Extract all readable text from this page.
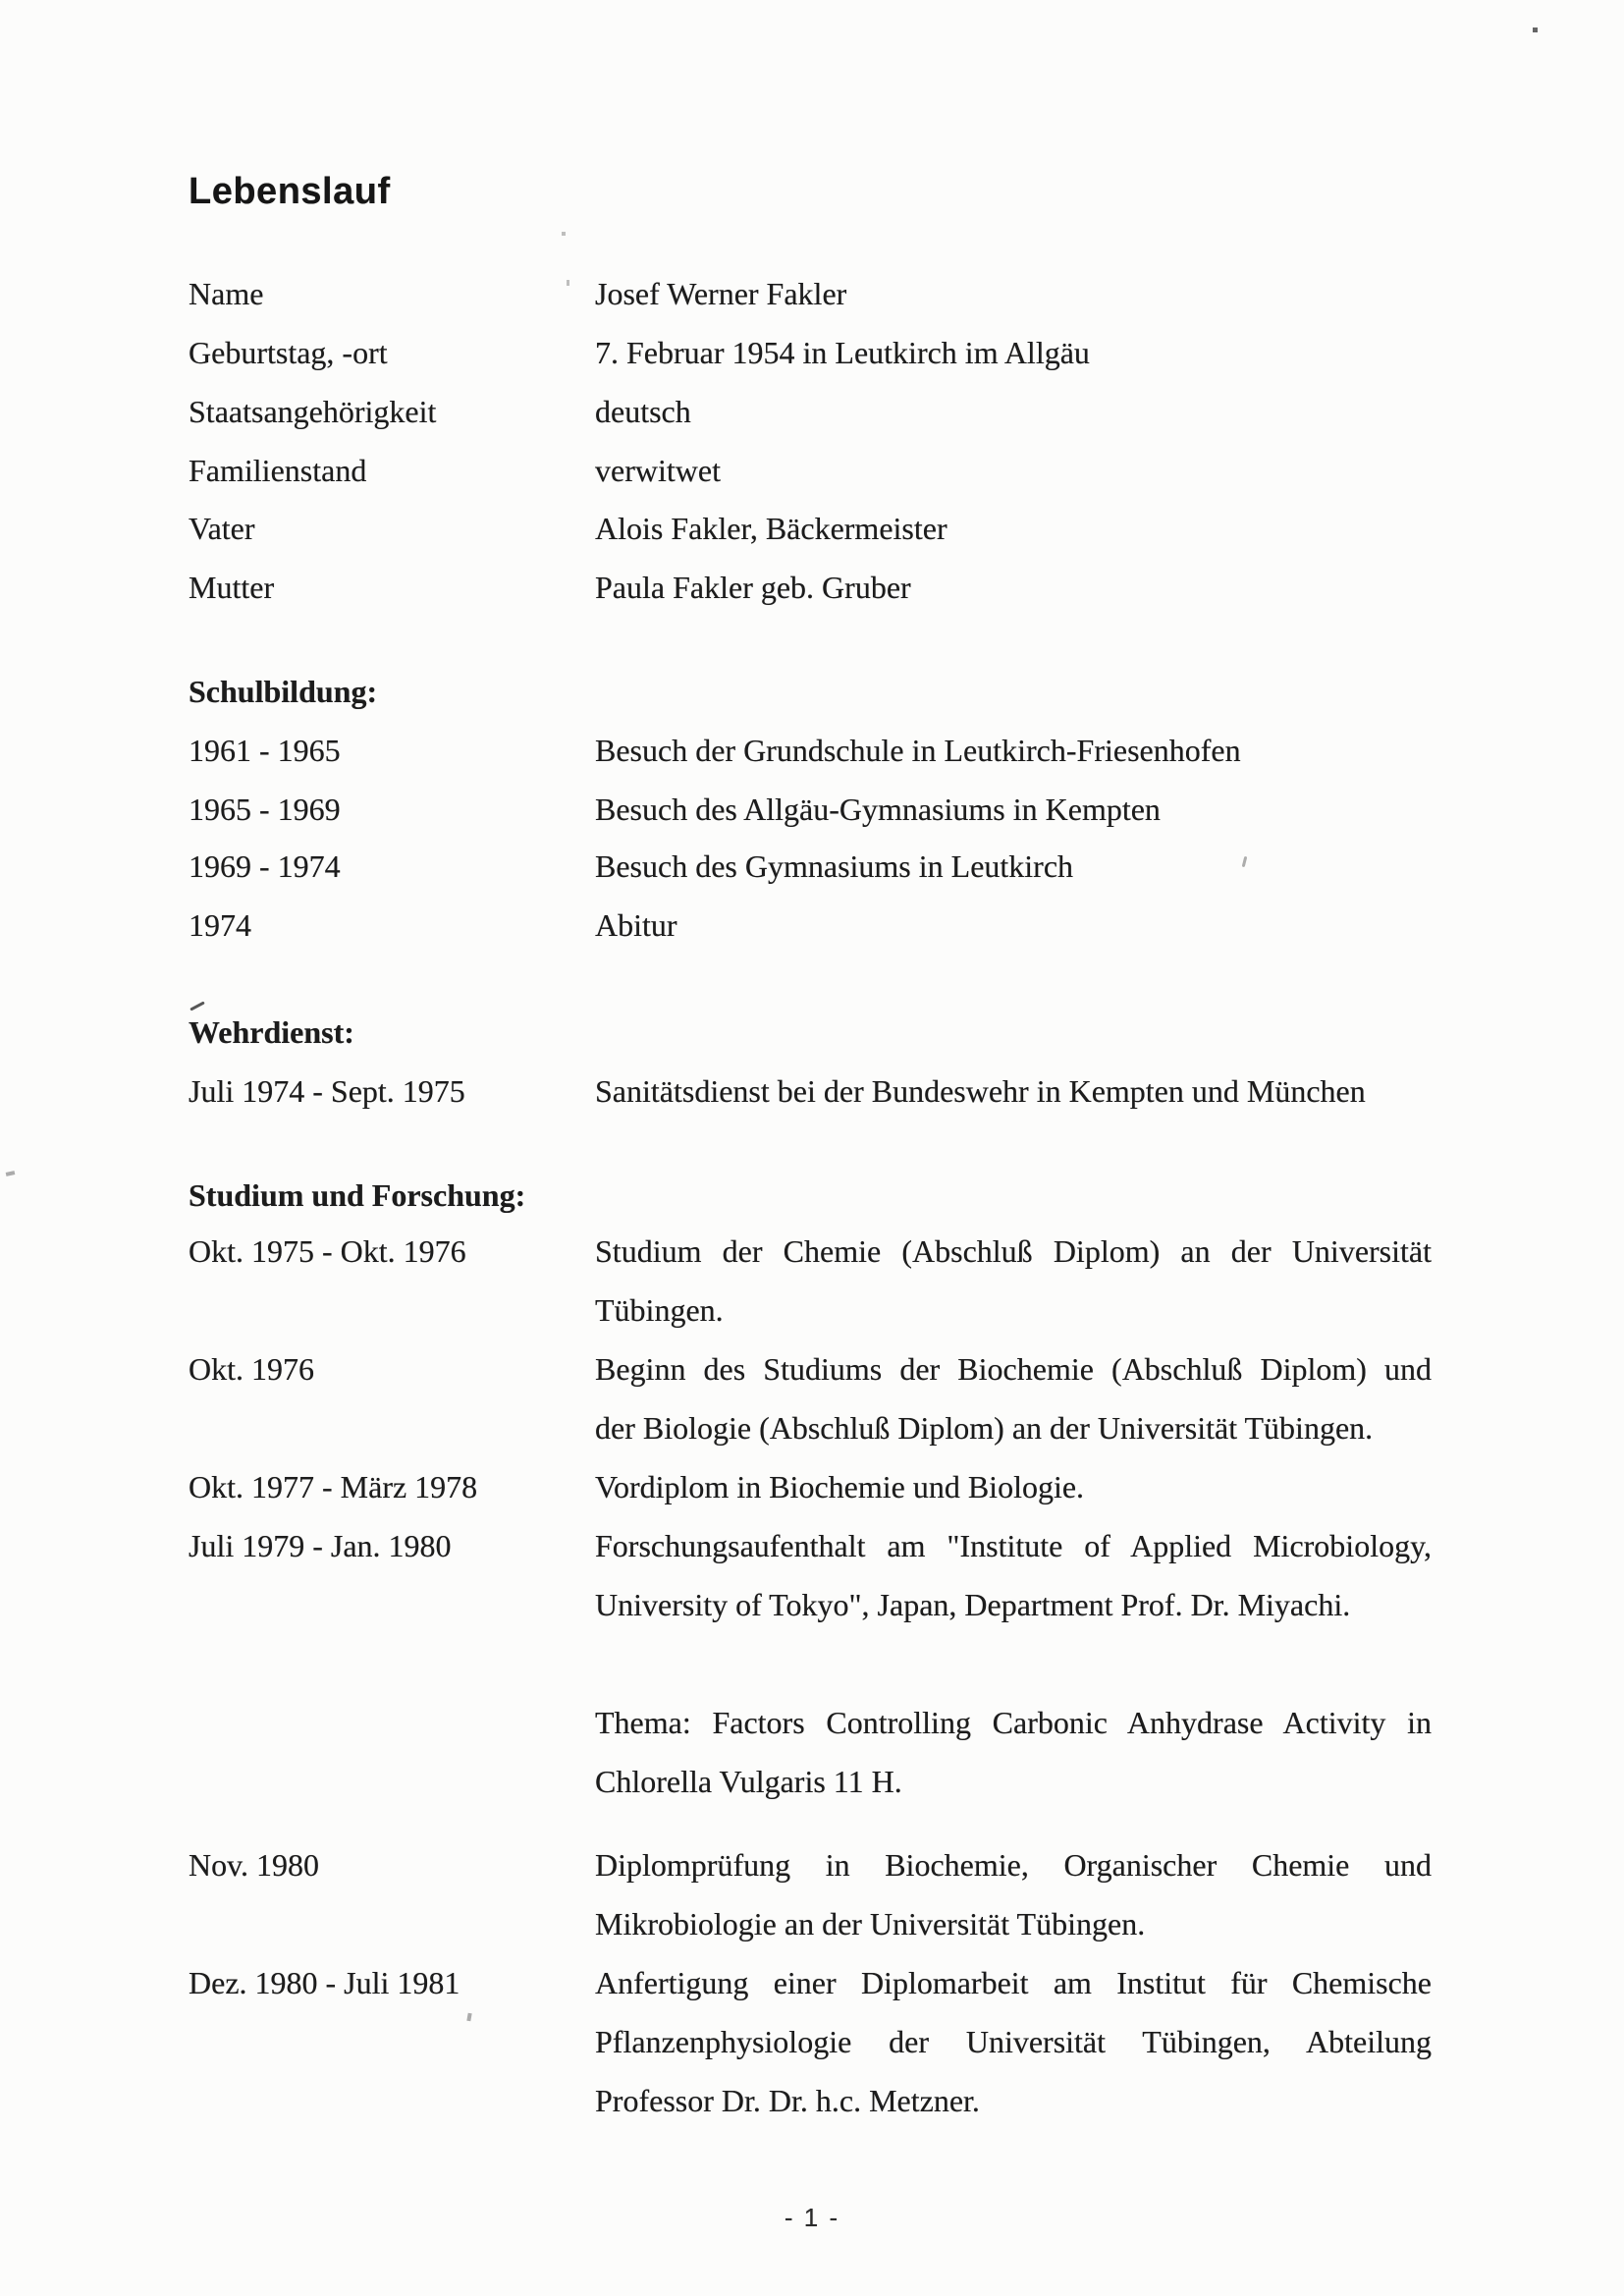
Lebenslauf
Name	Josef Werner Fakler
Geburtstag, -ort	7. Februar 1954 in Leutkirch im Allgäu
Staatsangehörigkeit	deutsch
Familienstand	verwitwet
Vater	Alois Fakler, Bäckermeister
Mutter	Paula Fakler geb. Gruber
Schulbildung:
1961 - 1965	Besuch der Grundschule in Leutkirch-Friesenhofen
1965 - 1969	Besuch des Allgäu-Gymnasiums in Kempten
1969 - 1974	Besuch des Gymnasiums in Leutkirch
1974	Abitur
Wehrdienst:
Juli 1974 - Sept. 1975	Sanitätsdienst bei der Bundeswehr in Kempten und München
Studium und Forschung:
Okt. 1975 - Okt. 1976	Studium der Chemie (Abschluß Diplom) an der Universität
Tübingen.
Okt. 1976	Beginn des Studiums der Biochemie (Abschluß Diplom) und
der Biologie (Abschluß Diplom) an der Universität Tübingen.
Okt. 1977 - März 1978	Vordiplom in Biochemie und Biologie.
Juli 1979 - Jan. 1980	Forschungsaufenthalt am "Institute of Applied Microbiology,
University of Tokyo", Japan, Department Prof. Dr. Miyachi.
Thema: Factors Controlling Carbonic Anhydrase Activity in
Chlorella Vulgaris 11 H.
Nov. 1980	Diplomprüfung in Biochemie, Organischer Chemie und
Mikrobiologie an der Universität Tübingen.
Dez. 1980 - Juli 1981	Anfertigung einer Diplomarbeit am Institut für Chemische
Pflanzenphysiologie der Universität Tübingen, Abteilung
Professor Dr. Dr. h.c. Metzner.
- 1 -
